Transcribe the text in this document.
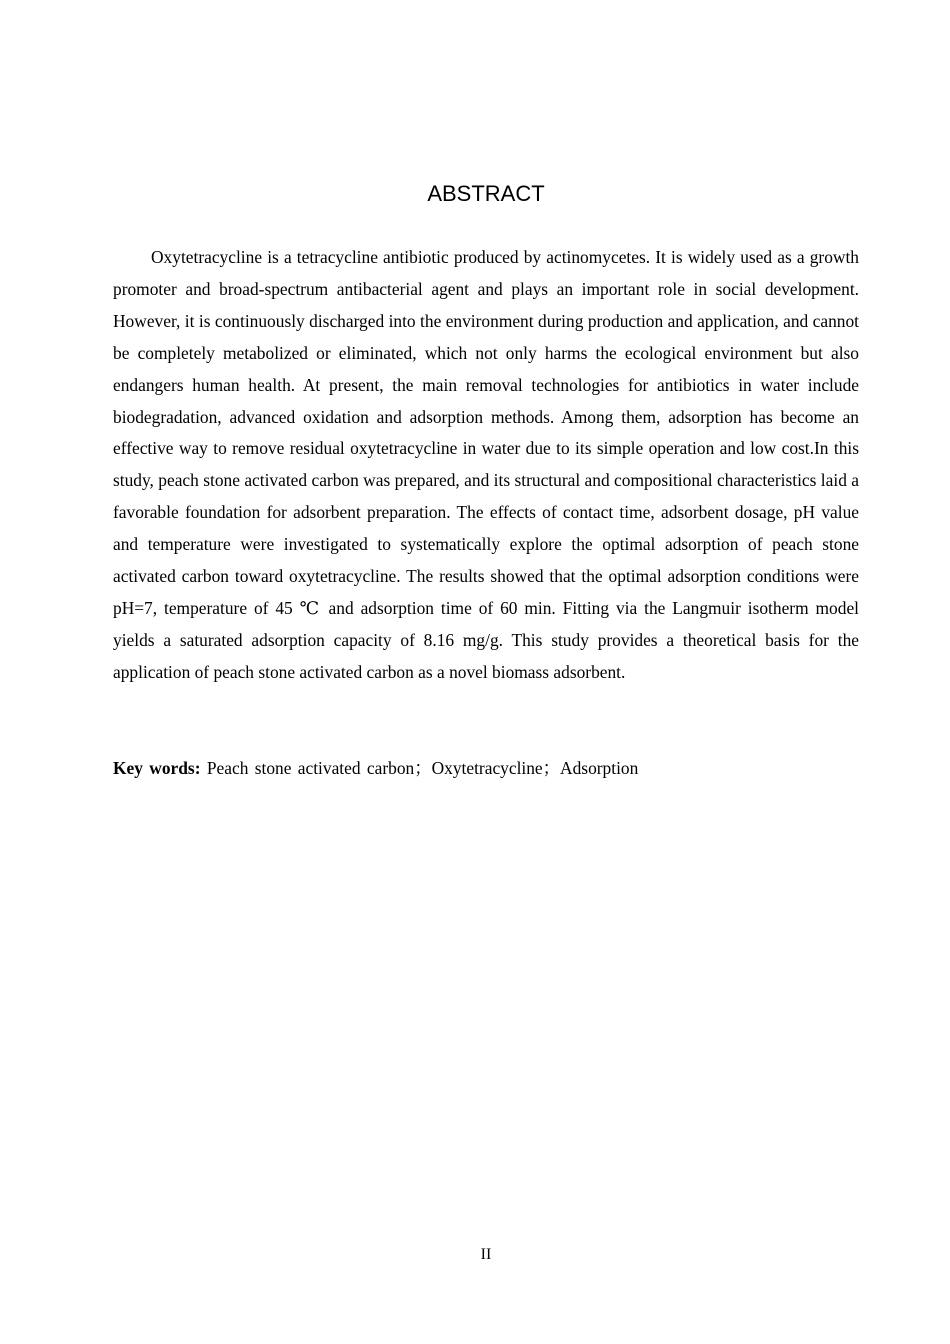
ABSTRACT

Oxytetracycline is a tetracycline antibiotic produced by actinomycetes. It is widely used as a growth promoter and broad-spectrum antibacterial agent and plays an important role in social development. However, it is continuously discharged into the environment during production and application, and cannot be completely metabolized or eliminated, which not only harms the ecological environment but also endangers human health. At present, the main removal technologies for antibiotics in water include biodegradation, advanced oxidation and adsorption methods. Among them, adsorption has become an effective way to remove residual oxytetracycline in water due to its simple operation and low cost.In this study, peach stone activated carbon was prepared, and its structural and compositional characteristics laid a favorable foundation for adsorbent preparation. The effects of contact time, adsorbent dosage, pH value and temperature were investigated to systematically explore the optimal adsorption of peach stone activated carbon toward oxytetracycline. The results showed that the optimal adsorption conditions were pH=7, temperature of 45 ℃ and adsorption time of 60 min. Fitting via the Langmuir isotherm model yields a saturated adsorption capacity of 8.16 mg/g. This study provides a theoretical basis for the application of peach stone activated carbon as a novel biomass adsorbent.

Key words: Peach stone activated carbon；Oxytetracycline；Adsorption

II
